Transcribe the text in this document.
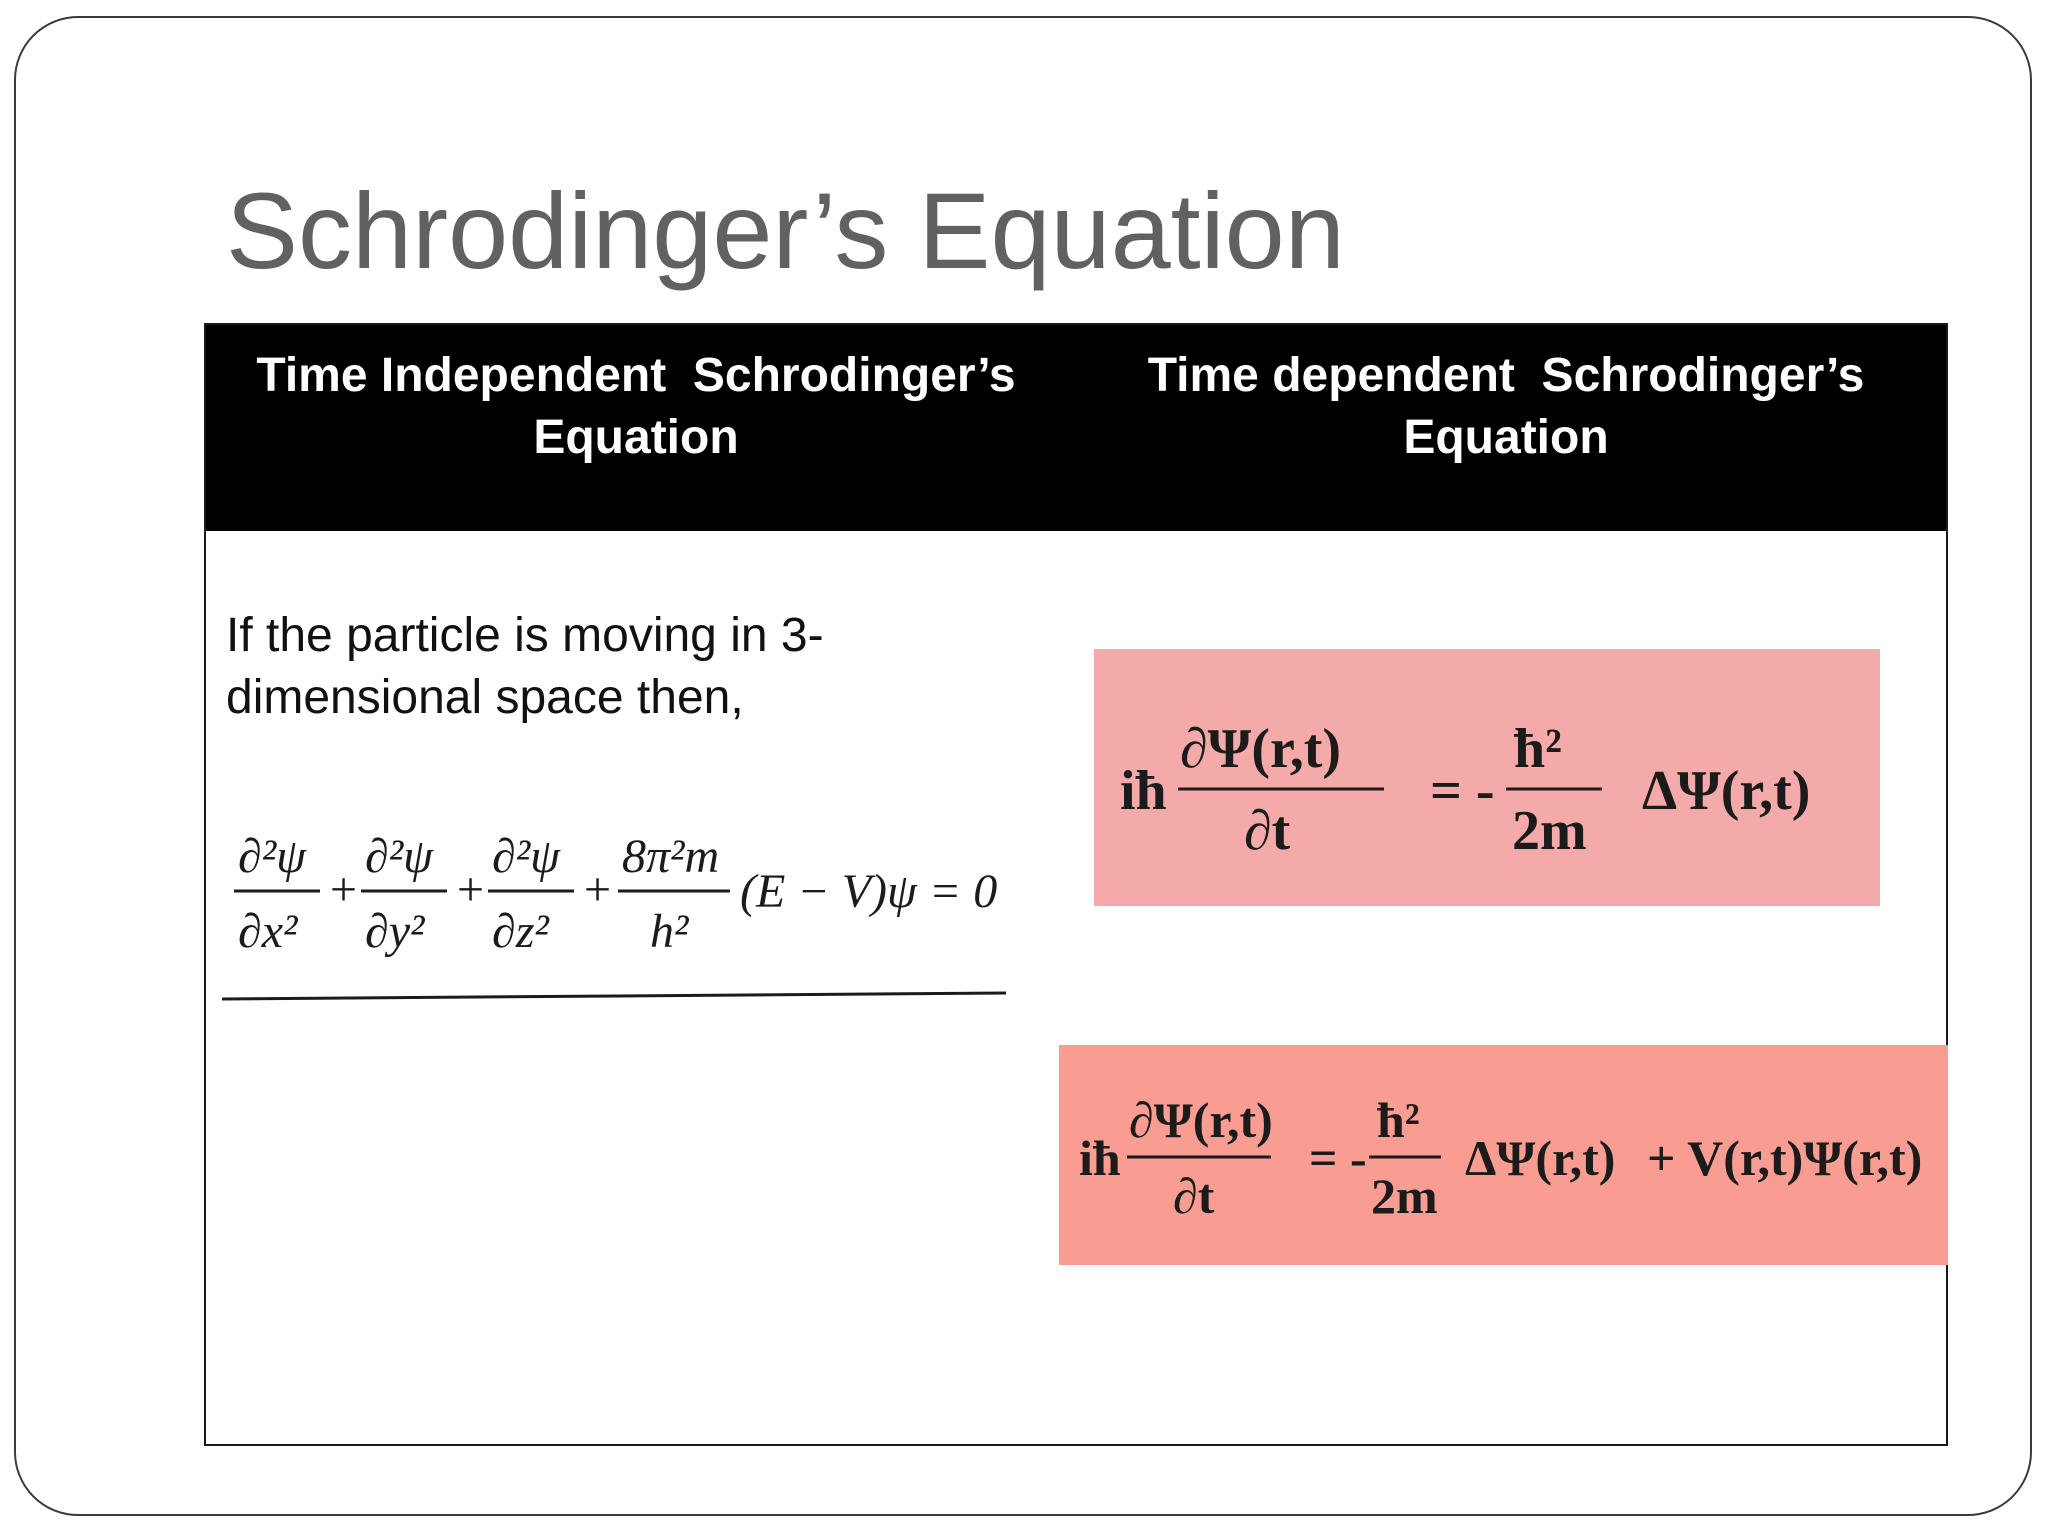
Schrodinger’s Equation
Time Independent  Schrodinger’s
Equation
Time dependent  Schrodinger’s
Equation
If the particle is moving in 3-
dimensional space then,
∂²ψ
∂x²
+
∂²ψ
∂y²
+
∂²ψ
∂z²
+
8π²m
h²
(E − V)ψ = 0
iħ
∂Ψ(r,t)
∂t
= -
ħ²
2m
ΔΨ(r,t)
iħ
∂Ψ(r,t)
∂t
= -
ħ²
2m
ΔΨ(r,t) + V(r,t)Ψ(r,t)
